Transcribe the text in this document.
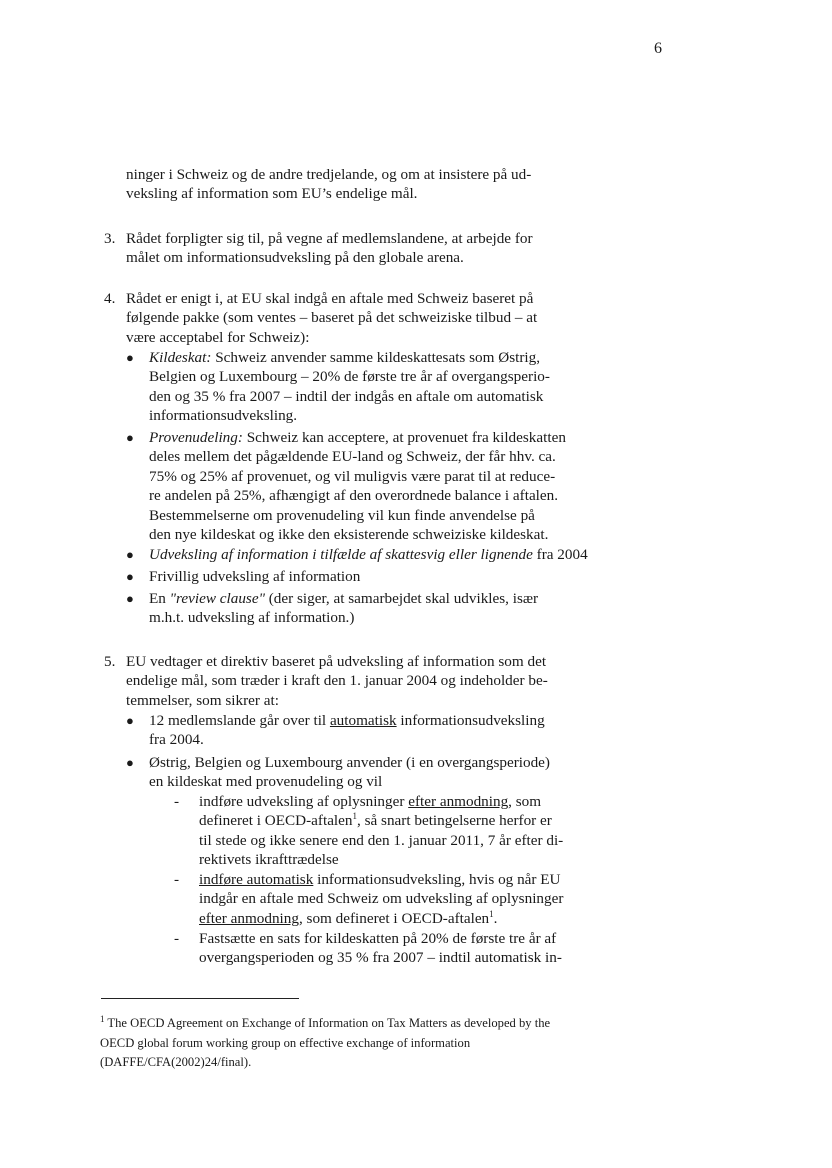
6
ninger i Schweiz og de andre tredjelande, og om at insistere på ud-
veksling af information som EU’s endelige mål.
3. Rådet forpligter sig til, på vegne af medlemslandene, at arbejde for
målet om informationsudveksling på den globale arena.
4. Rådet er enigt i, at EU skal indgå en aftale med Schweiz baseret på
følgende pakke (som ventes – baseret på det schweiziske tilbud – at
være acceptabel for Schweiz):
● Kildeskat: Schweiz anvender samme kildeskattesats som Østrig,
Belgien og Luxembourg – 20% de første tre år af overgangsperio-
den og 35 % fra 2007 – indtil der indgås en aftale om automatisk
informationsudveksling.
● Provenudeling: Schweiz kan acceptere, at provenuet fra kildeskatten
deles mellem det pågældende EU-land og Schweiz, der får hhv. ca.
75% og 25% af provenuet, og vil muligvis være parat til at reduce-
re andelen på 25%, afhængigt af den overordnede balance i aftalen.
Bestemmelserne om provenudeling vil kun finde anvendelse på
den nye kildeskat og ikke den eksisterende schweiziske kildeskat.
● Udveksling af information i tilfælde af skattesvig eller lignende fra 2004
● Frivillig udveksling af information
● En "review clause" (der siger, at samarbejdet skal udvikles, især
m.h.t. udveksling af information.)
5. EU vedtager et direktiv baseret på udveksling af information som det
endelige mål, som træder i kraft den 1. januar 2004 og indeholder be-
temmelser, som sikrer at:
● 12 medlemslande går over til automatisk informationsudveksling
fra 2004.
● Østrig, Belgien og Luxembourg anvender (i en overgangsperiode)
en kildeskat med provenudeling og vil
- indføre udveksling af oplysninger efter anmodning, som
defineret i OECD-aftalen$^1$, så snart betingelserne herfor er
til stede og ikke senere end den 1. januar 2011, 7 år efter di-
rektivets ikrafttrædelse
- indføre automatisk informationsudveksling, hvis og når EU
indgår en aftale med Schweiz om udveksling af oplysninger
efter anmodning, som defineret i OECD-aftalen$^1$.
- Fastsætte en sats for kildeskatten på 20% de første tre år af
overgangsperioden og 35 % fra 2007 – indtil automatisk in-
$^1$ The OECD Agreement on Exchange of Information on Tax Matters as developed by the
OECD global forum working group on effective exchange of information
(DAFFE/CFA(2002)24/final).
